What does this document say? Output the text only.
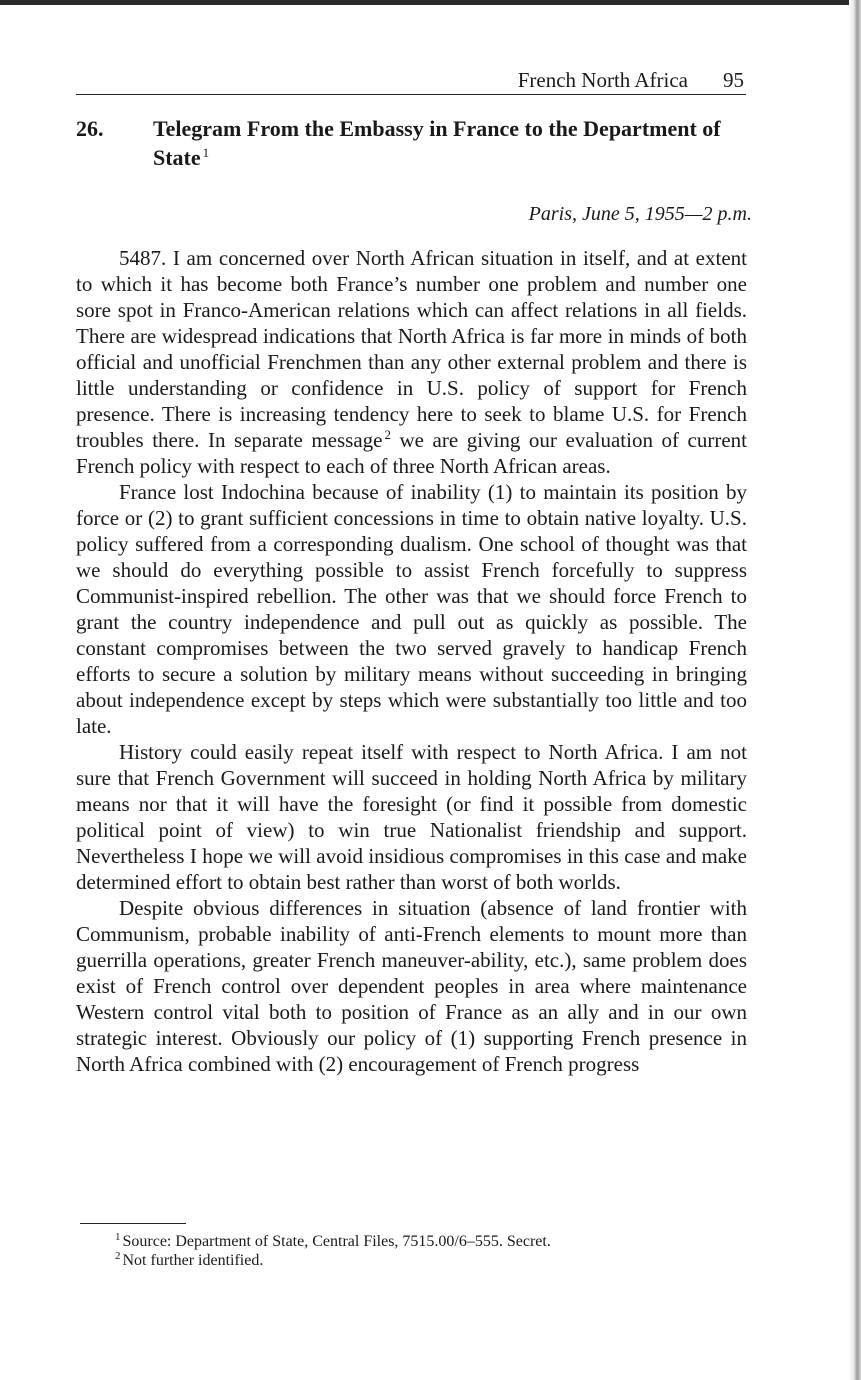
French North Africa 95
26. Telegram From the Embassy in France to the Department of State $^1$
Paris, June 5, 1955—2 p.m.

5487. I am concerned over North African situation in itself, and at extent to which it has become both France’s number one problem and number one sore spot in Franco-American relations which can affect relations in all fields. There are widespread indications that North Africa is far more in minds of both official and unofficial Frenchmen than any other external problem and there is little understanding or confidence in U.S. policy of support for French presence. There is increasing tendency here to seek to blame U.S. for French troubles there. In separate message $^2$ we are giving our evaluation of current French policy with respect to each of three North African areas.

France lost Indochina because of inability (1) to maintain its position by force or (2) to grant sufficient concessions in time to obtain native loyalty. U.S. policy suffered from a corresponding dualism. One school of thought was that we should do everything possible to assist French forcefully to suppress Communist-inspired rebellion. The other was that we should force French to grant the country independence and pull out as quickly as possible. The constant compromises between the two served gravely to handicap French efforts to secure a solution by military means without succeeding in bringing about independence except by steps which were substantially too little and too late.

History could easily repeat itself with respect to North Africa. I am not sure that French Government will succeed in holding North Africa by military means nor that it will have the foresight (or find it possible from domestic political point of view) to win true Nationalist friendship and support. Nevertheless I hope we will avoid insidious compromises in this case and make determined effort to obtain best rather than worst of both worlds.

Despite obvious differences in situation (absence of land frontier with Communism, probable inability of anti-French elements to mount more than guerrilla operations, greater French maneuver-ability, etc.), same problem does exist of French control over dependent peoples in area where maintenance Western control vital both to position of France as an ally and in our own strategic interest. Obviously our policy of (1) supporting French presence in North Africa combined with (2) encouragement of French progress

$^1$ Source: Department of State, Central Files, 7515.00/6–555. Secret.

$^2$ Not further identified.
